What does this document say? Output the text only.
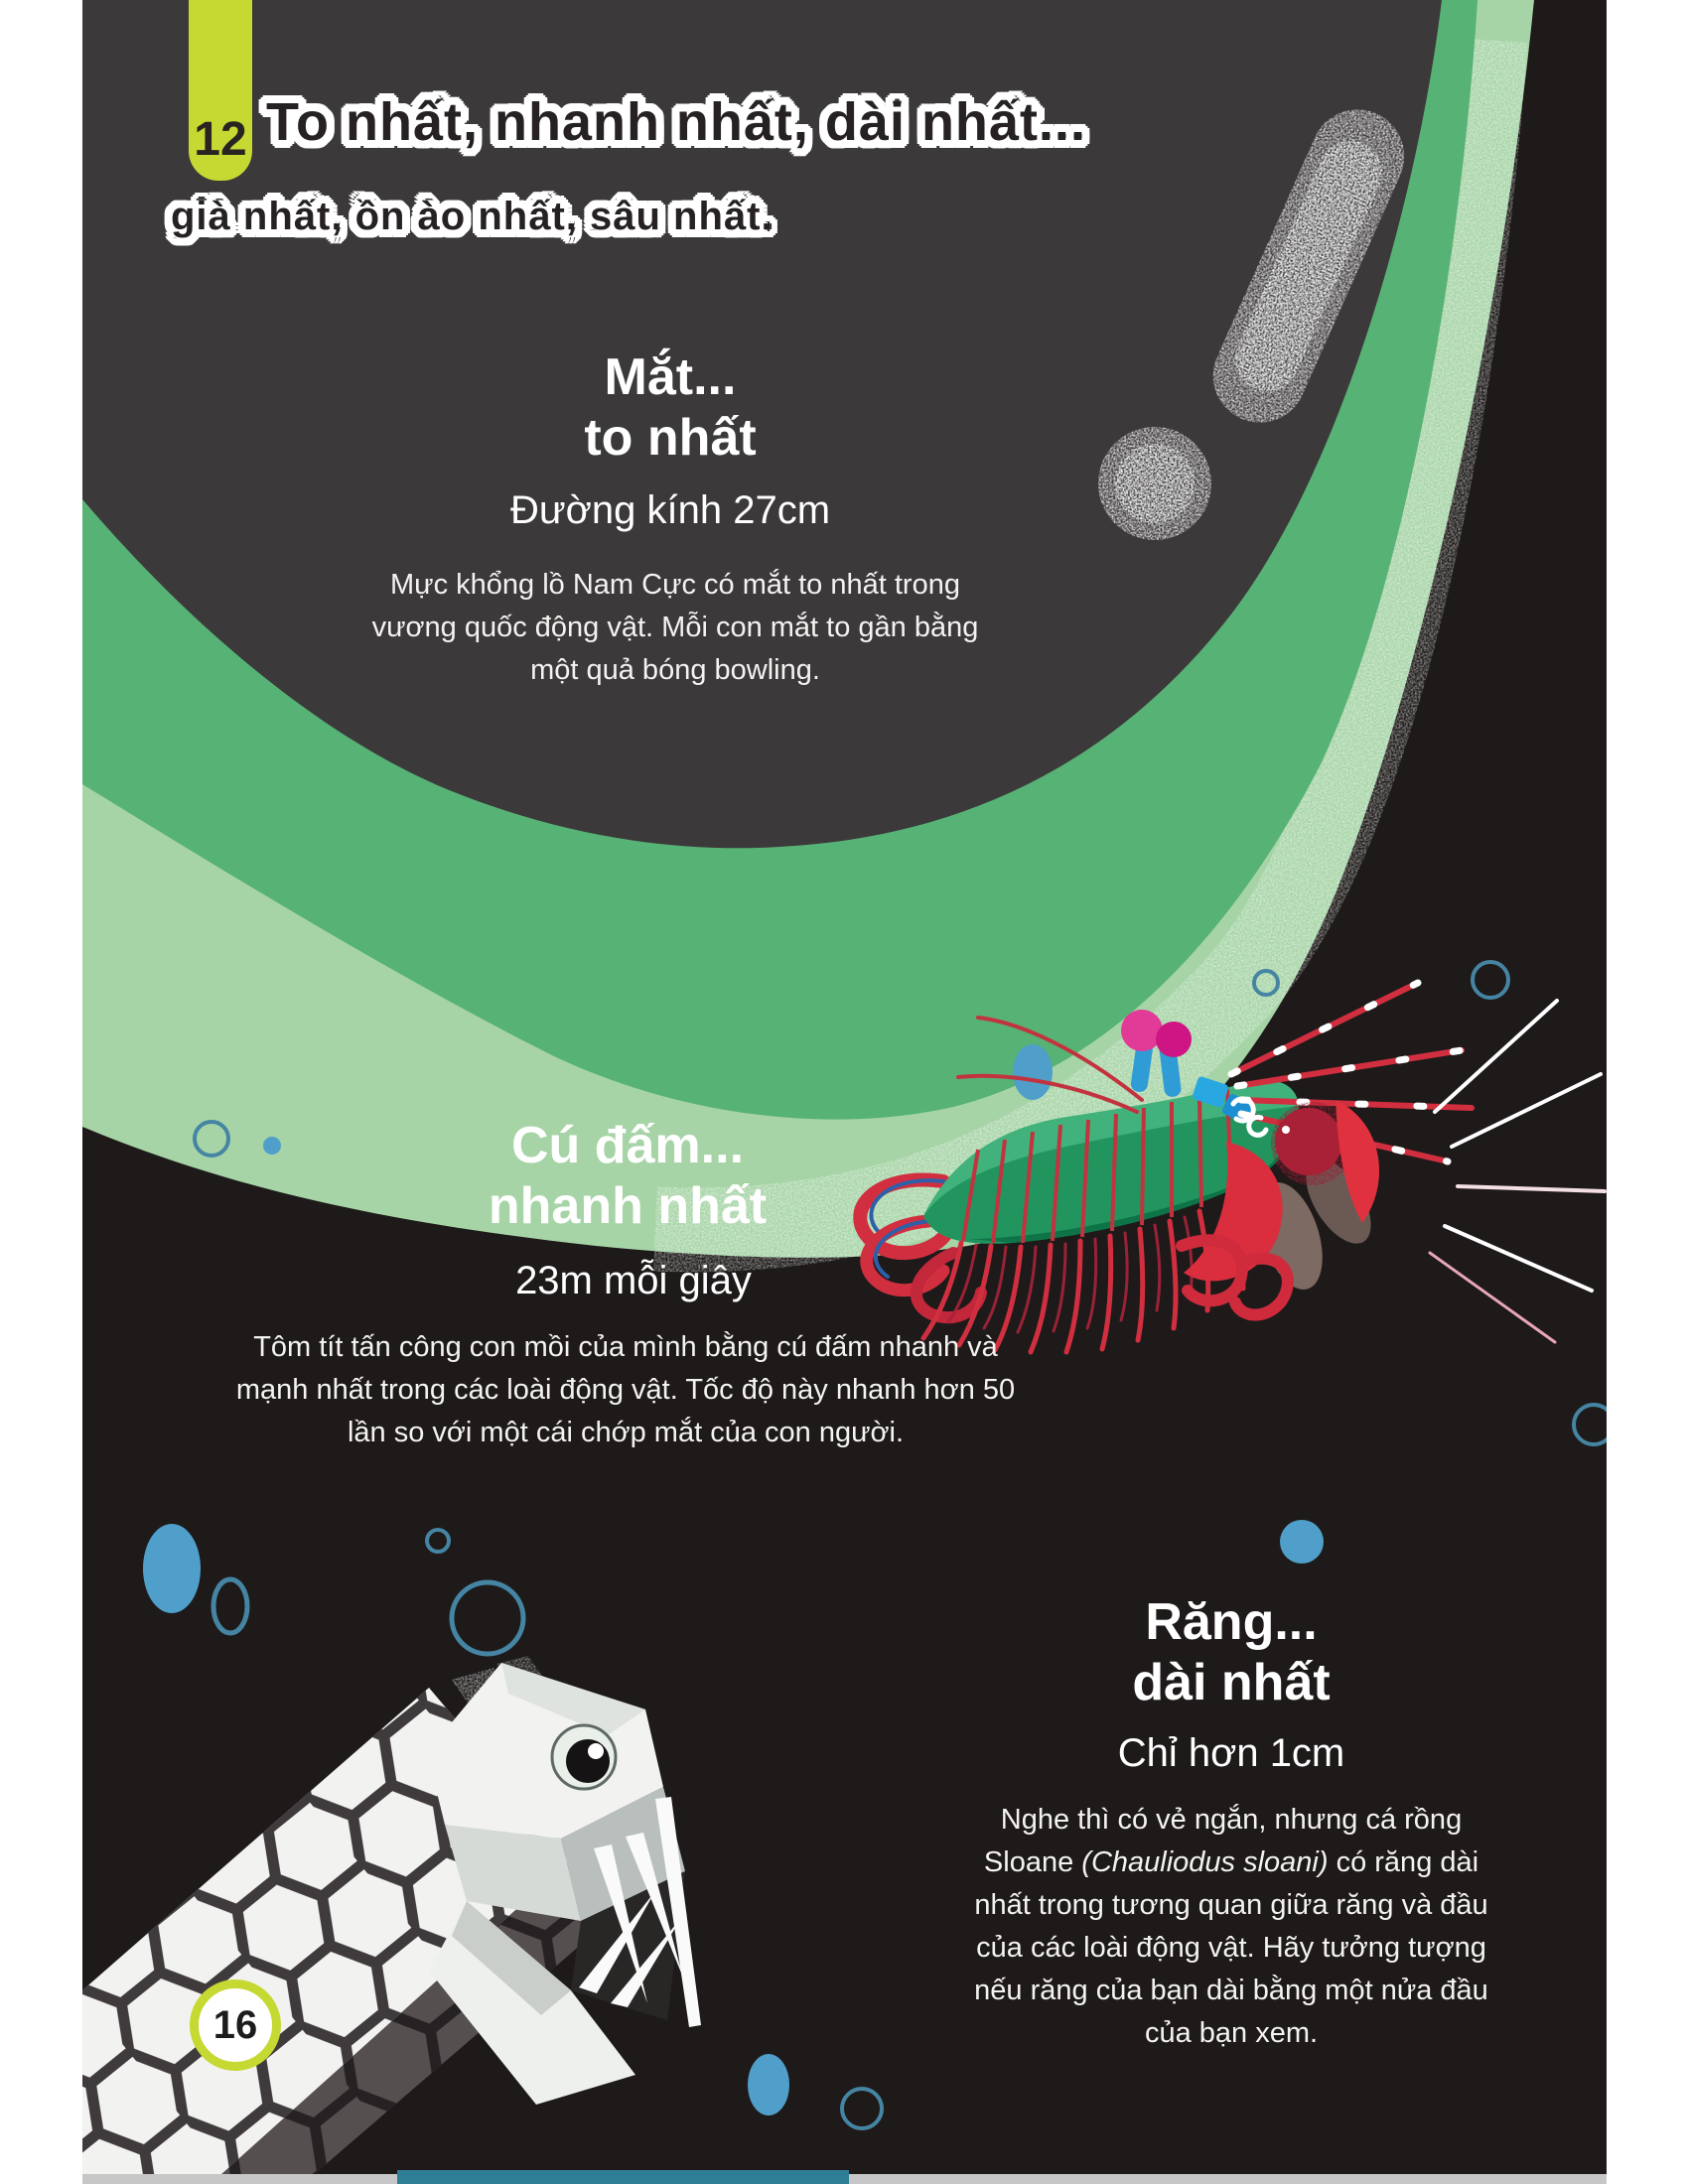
12 To nhất, nhanh nhất, dài nhất...
già nhất, ồn ào nhất, sâu nhất.
Mắt...
to nhất
Đường kính 27cm
Mực khổng lồ Nam Cực có mắt to nhất trong vương quốc động vật. Mỗi con mắt to gần bằng một quả bóng bowling.
Cú đấm...
nhanh nhất
23m mỗi giây
Tôm tít tấn công con mồi của mình bằng cú đấm nhanh và mạnh nhất trong các loài động vật. Tốc độ này nhanh hơn 50 lần so với một cái chớp mắt của con người.
Răng...
dài nhất
Chỉ hơn 1cm
Nghe thì có vẻ ngắn, nhưng cá rồng Sloane (Chauliodus sloani) có răng dài nhất trong tương quan giữa răng và đầu của các loài động vật. Hãy tưởng tượng nếu răng của bạn dài bằng một nửa đầu của bạn xem.
16
